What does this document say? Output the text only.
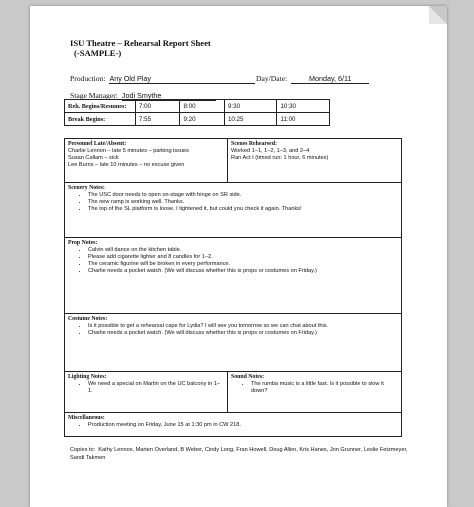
ISU Theatre – Rehearsal Report Sheet
(-SAMPLE-)
Production: Any Old Play	Day/Date:	Monday, 6/11
Stage Manager: Jodi Smythe
Reh. Begins/Resumes:	7:00	8:00	9:30	10:30
Break Begins:	7:55	9:20	10:25	11:00
Personnel Late/Absent:
Charlie Lennon – late 5 minutes – parking issues
Susan Callam – sick
Lee Burns – late 10 minutes – no excuse given
Scenes Rehearsed:
Worked 1–1, 1–2, 1–3, and 2–4
Ran Act I (timed run: 1 hour, 6 minutes)
Scenery Notes:
• The USC door needs to open on-stage with hinge on SR side.
• The new ramp is working well. Thanks.
• The top of the SL platform is loose. I tightened it, but could you check it again. Thanks!
Prop Notes:
• Calvin will dance on the kitchen table.
• Please add cigarette lighter and 8 candles for 1–2.
• The ceramic figurine will be broken in every performance.
• Charlie needs a pocket watch. (We will discuss whether this is props or costumes on Friday.)
Costume Notes:
• Is it possible to get a rehearsal cape for Lydia? I will see you tomorrow so we can chat about this.
• Charlie needs a pocket watch. (We will discuss whether this is props or costumes on Friday.)
Lighting Notes:
• We need a special on Martin on the UC balcony in 1–1.
Sound Notes:
• The rumba music is a little fast. Is it possible to slow it down?
Miscellaneous:
• Production meeting on Friday, June 15 at 1:30 pm in CW 218.
Copies to: Kathy Lennox, Marten Overland, B Weber, Cindy Long, Fran Howell, Doug Allen, Kris Hanes, Jon Grunner, Leslie Fetzmeyer, Sandi Takmen
